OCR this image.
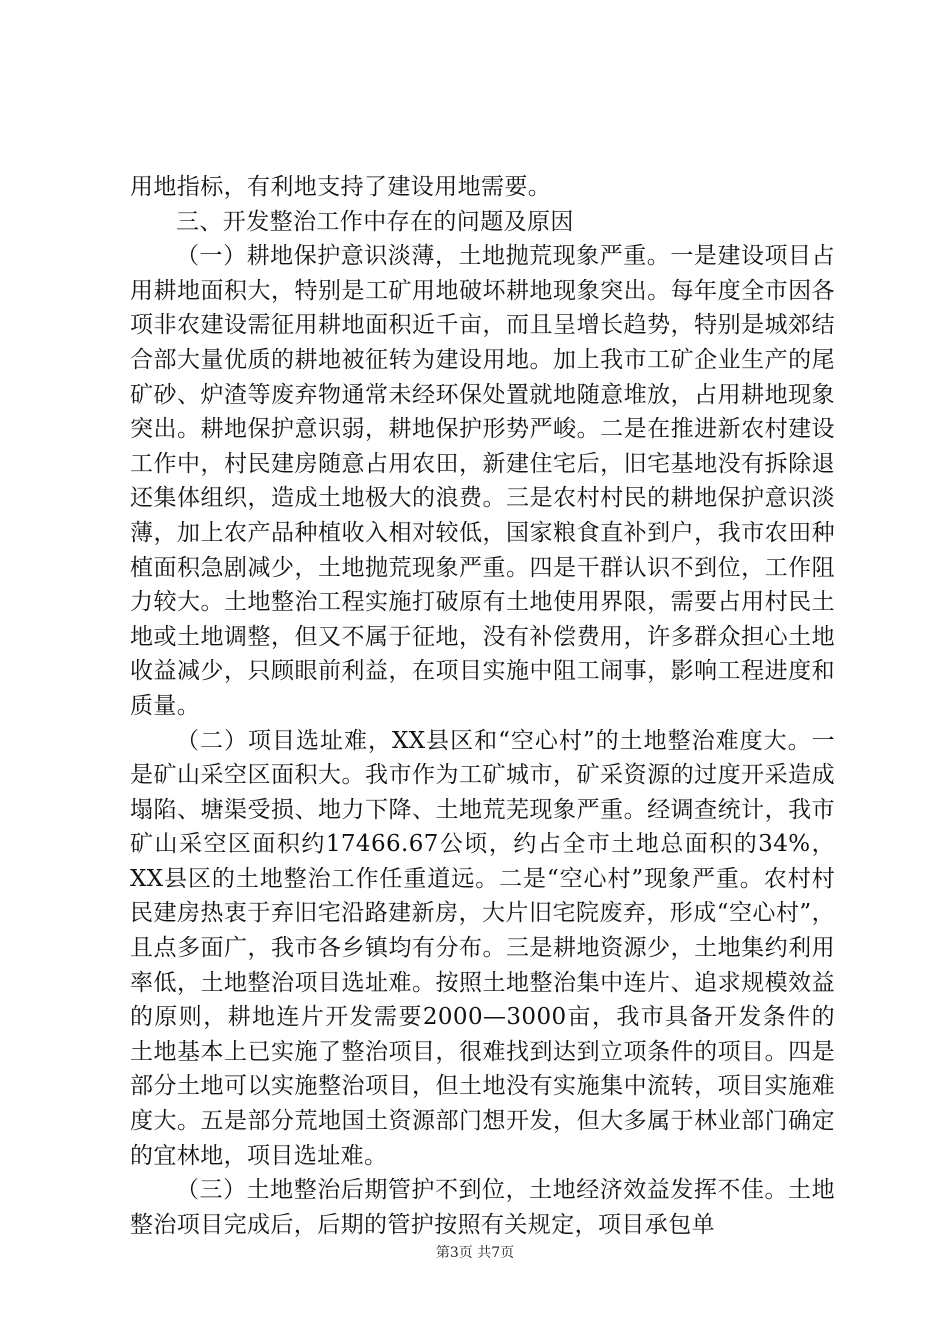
用地指标，有利地支持了建设用地需要。

三、开发整治工作中存在的问题及原因

（一）耕地保护意识淡薄，土地抛荒现象严重。一是建设项目占用耕地面积大，特别是工矿用地破坏耕地现象突出。每年度全市因各项非农建设需征用耕地面积近千亩，而且呈增长趋势，特别是城郊结合部大量优质的耕地被征转为建设用地。加上我市工矿企业生产的尾矿砂、炉渣等废弃物通常未经环保处置就地随意堆放，占用耕地现象突出。耕地保护意识弱，耕地保护形势严峻。二是在推进新农村建设工作中，村民建房随意占用农田，新建住宅后，旧宅基地没有拆除退还集体组织，造成土地极大的浪费。三是农村村民的耕地保护意识淡薄，加上农产品种植收入相对较低，国家粮食直补到户，我市农田种植面积急剧减少，土地抛荒现象严重。四是干群认识不到位，工作阻力较大。土地整治工程实施打破原有土地使用界限，需要占用村民土地或土地调整，但又不属于征地，没有补偿费用，许多群众担心土地收益减少，只顾眼前利益，在项目实施中阻工闹事，影响工程进度和质量。

（二）项目选址难，XX县区和“空心村”的土地整治难度大。一是矿山采空区面积大。我市作为工矿城市，矿采资源的过度开采造成塌陷、塘渠受损、地力下降、土地荒芜现象严重。经调查统计，我市矿山采空区面积约17466.67公顷，约占全市土地总面积的34%，XX县区的土地整治工作任重道远。二是“空心村”现象严重。农村村民建房热衷于弃旧宅沿路建新房，大片旧宅院废弃，形成“空心村”，且点多面广，我市各乡镇均有分布。三是耕地资源少，土地集约利用率低，土地整治项目选址难。按照土地整治集中连片、追求规模效益的原则，耕地连片开发需要2000—3000亩，我市具备开发条件的土地基本上已实施了整治项目，很难找到达到立项条件的项目。四是部分土地可以实施整治项目，但土地没有实施集中流转，项目实施难度大。五是部分荒地国土资源部门想开发，但大多属于林业部门确定的宜林地，项目选址难。

（三）土地整治后期管护不到位，土地经济效益发挥不佳。土地整治项目完成后，后期的管护按照有关规定，项目承包单

第3页 共7页
